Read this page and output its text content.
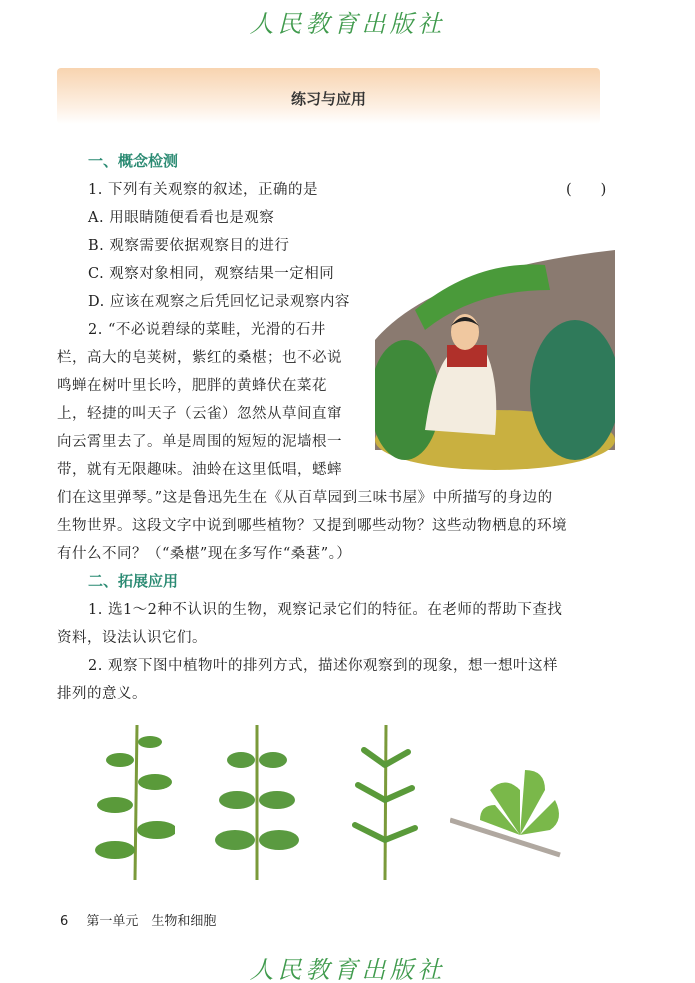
人民教育出版社
练习与应用
一、概念检测
1. 下列有关观察的叙述，正确的是	(　　)
A. 用眼睛随便看看也是观察
B. 观察需要依据观察目的进行
C. 观察对象相同，观察结果一定相同
D. 应该在观察之后凭回忆记录观察内容
2. “不必说碧绿的菜畦，光滑的石井
栏，高大的皂荚树，紫红的桑椹；也不必说
鸣蝉在树叶里长吟，肥胖的黄蜂伏在菜花
上，轻捷的叫天子（云雀）忽然从草间直窜
向云霄里去了。单是周围的短短的泥墙根一
带，就有无限趣味。油蛉在这里低唱，蟋蟀
们在这里弹琴。”这是鲁迅先生在《从百草园到三味书屋》中所描写的身边的
生物世界。这段文字中说到哪些植物？又提到哪些动物？这些动物栖息的环境
有什么不同？（“桑椹”现在多写作“桑葚”。）
二、拓展应用
1. 选1～2种不认识的生物，观察记录它们的特征。在老师的帮助下查找
资料，设法认识它们。
2. 观察下图中植物叶的排列方式，描述你观察到的现象，想一想叶这样
排列的意义。
6 第一单元　生物和细胞
人民教育出版社
